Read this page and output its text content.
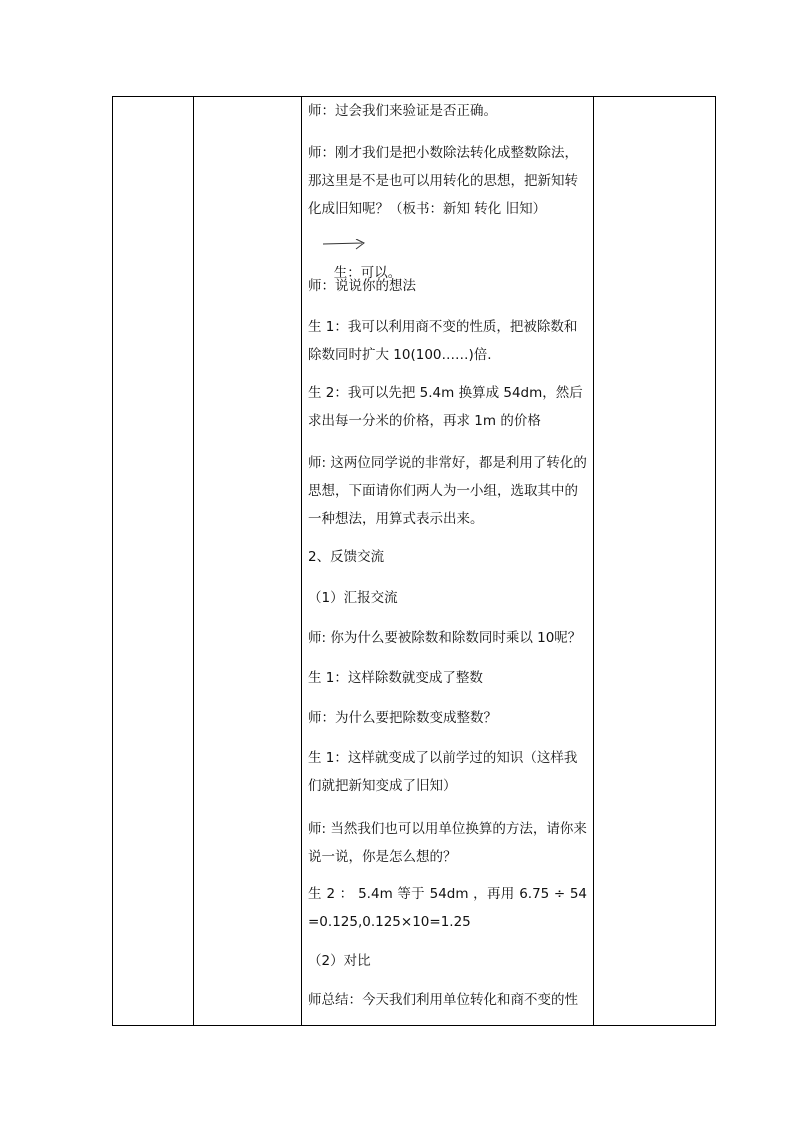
师：过会我们来验证是否正确。
师：刚才我们是把小数除法转化成整数除法，那这里是不是也可以用转化的思想，把新知转化成旧知呢？（板书：新知 转化 旧知）

生：可以。

师：说说你的想法
生 1：我可以利用商不变的性质，把被除数和除数同时扩大 10(100……)倍.
生 2：我可以先把 5.4m 换算成 54dm，然后求出每一分米的价格，再求 1m 的价格
师: 这两位同学说的非常好，都是利用了转化的思想，下面请你们两人为一小组，选取其中的一种想法，用算式表示出来。
2、反馈交流
（1）汇报交流
师: 你为什么要被除数和除数同时乘以 10呢？
生 1：这样除数就变成了整数
师：为什么要把除数变成整数？
生 1：这样就变成了以前学过的知识（这样我们就把新知变成了旧知）
师: 当然我们也可以用单位换算的方法，请你来说一说，你是怎么想的？
生 2 ： 5.4m 等于 54dm ，再用 6.75 ÷ 54=0.125,0.125×10=1.25
（2）对比
师总结：今天我们利用单位转化和商不变的性
